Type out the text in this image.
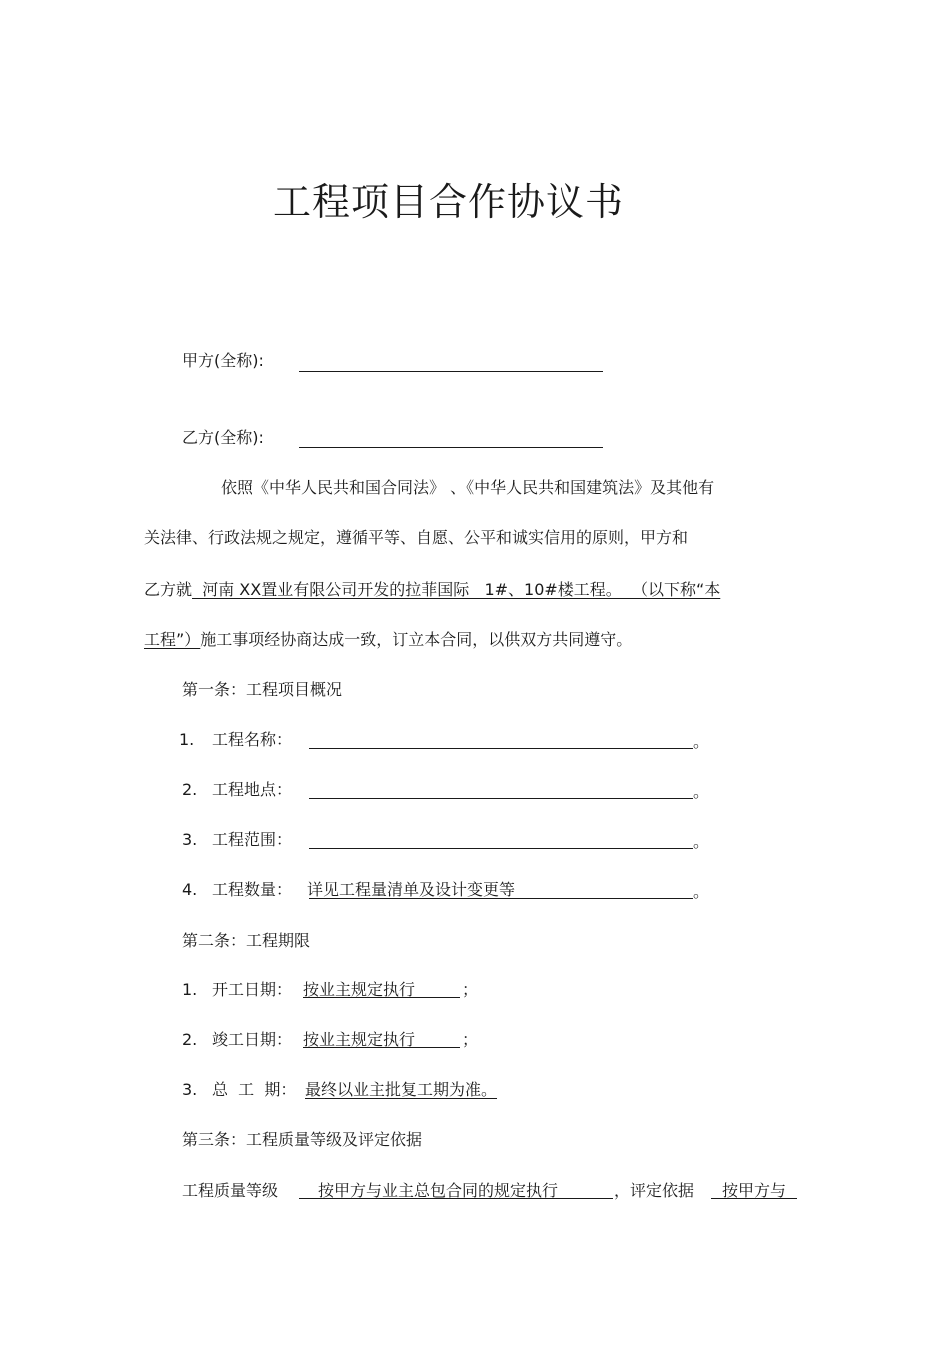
工程项目合作协议书
甲方(全称):
乙方(全称):
依照《中华人民共和国合同法》 、《中华人民共和国建筑法》及其他有
关法律、行政法规之规定，遵循平等、自愿、公平和诚实信用的原则，甲方和
乙方就  河南 XX置业有限公司开发的拉菲国际   1#、10#楼工程。  （以下称“本
工程”）施工事项经协商达成一致，订立本合同，以供双方共同遵守。
第一条：工程项目概况
1. 工程名称：	。
2. 工程地点：	。
3. 工程范围：	。
4. 工程数量： 详见工程量清单及设计变更等	。
第二条：工程期限
1. 开工日期： 按业主规定执行	；
2. 竣工日期： 按业主规定执行	；
3. 总  工  期： 最终以业主批复工期为准。
第三条：工程质量等级及评定依据
工程质量等级 按甲方与业主总包合同的规定执行	，评定依据 按甲方与
